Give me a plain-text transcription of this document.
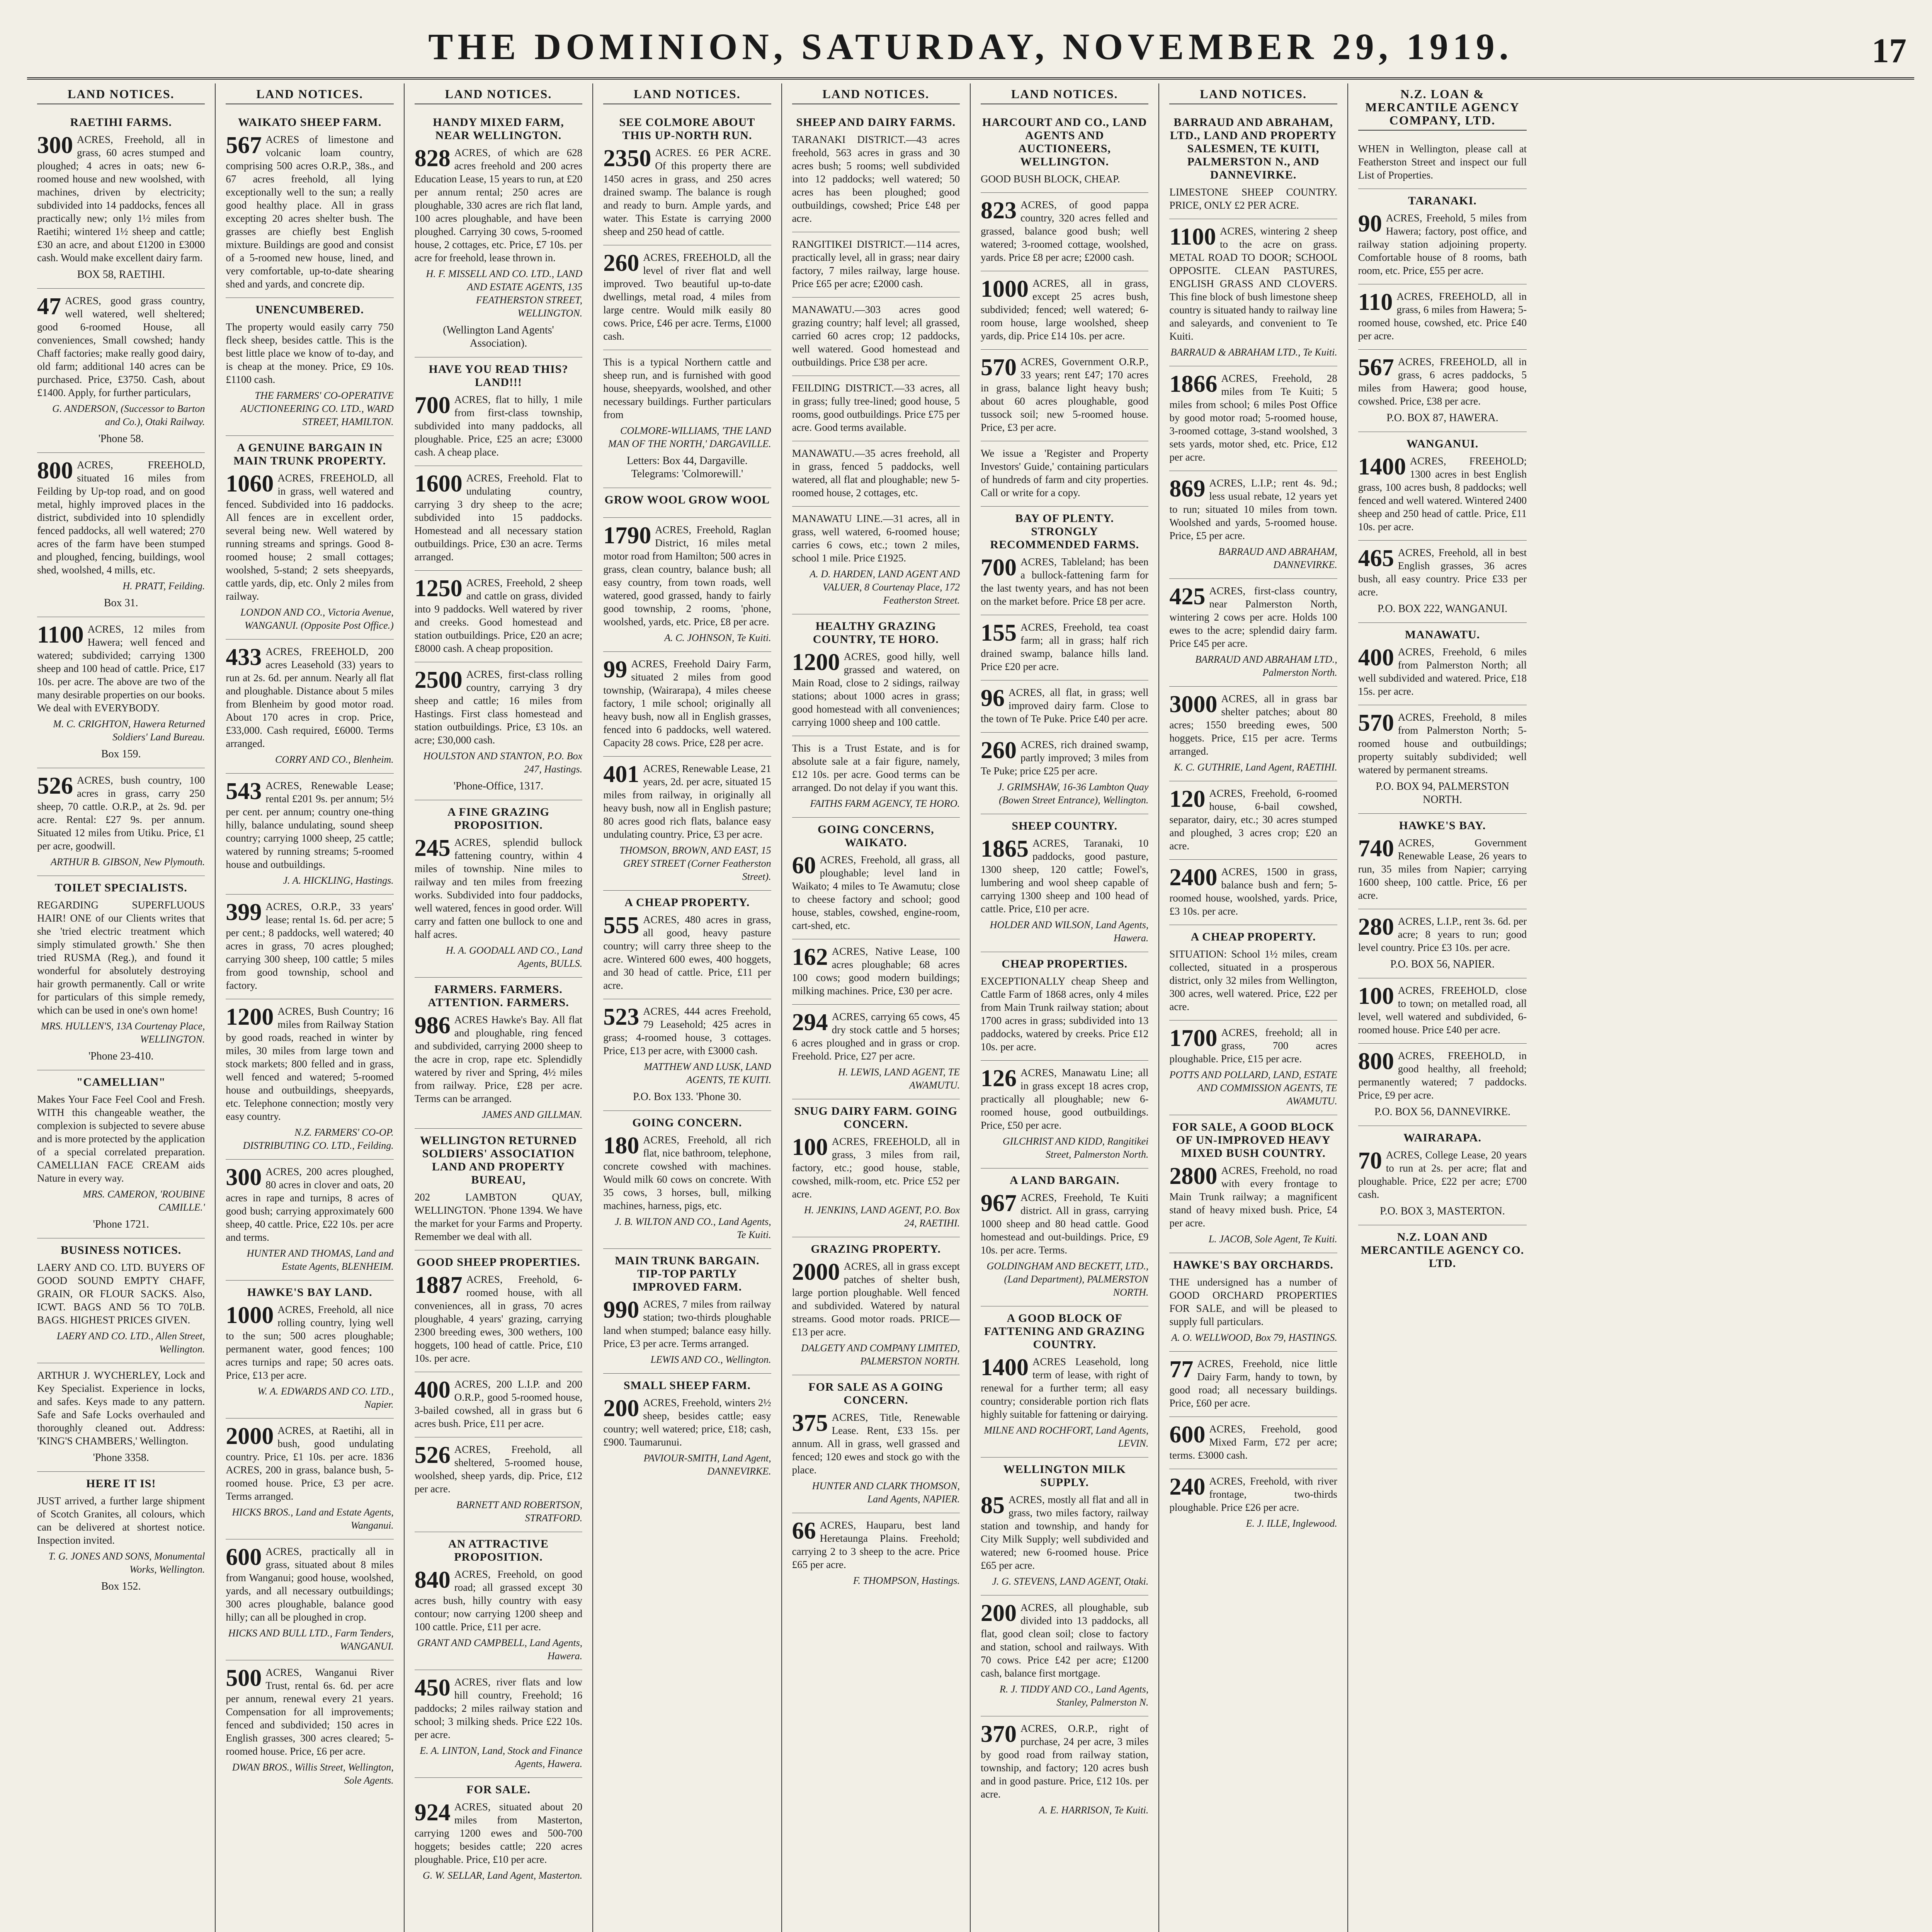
THE DOMINION, SATURDAY, NOVEMBER 29, 1919.	17
LAND NOTICES.
RAETIHI FARMS.
300 ACRES, Freehold, all in grass, 60 acres stumped and ploughed; 4 acres in oats; new 6-roomed house and new woolshed, with machines, driven by electricity; subdivided into 14 paddocks, fences all practically new; only 1½ miles from Raetihi; wintered 1½ sheep and cattle; £30 an acre, and about £1200 in £3000 cash. Would make excellent dairy farm.
BOX 58, RAETIHI.
47 ACRES, good grass country, well watered, well sheltered; good 6-roomed House, all conveniences, Small cowshed; handy Chaff factories; make really good dairy, old farm; additional 140 acres can be purchased. Price, £3750. Cash, about £1400. Apply, for further particulars,
G. ANDERSON, (Successor to Barton and Co.), Otaki Railway.
'Phone 58.
800 ACRES, FREEHOLD, situated 16 miles from Feilding by Up-top road, and on good metal, highly improved places in the district, subdivided into 10 splendidly fenced paddocks, all well watered; 270 acres of the farm have been stumped and ploughed, fencing, buildings, wool shed, woolshed, 4 mills, etc.
H. PRATT, Feilding.
Box 31.
1100 ACRES, 12 miles from Hawera; well fenced and watered; subdivided; carrying 1300 sheep and 100 head of cattle. Price, £17 10s. per acre. The above are two of the many desirable properties on our books. We deal with EVERYBODY.
M. C. CRIGHTON, Hawera Returned Soldiers' Land Bureau.
Box 159.
526 ACRES, bush country, 100 acres in grass, carry 250 sheep, 70 cattle. O.R.P., at 2s. 9d. per acre. Rental: £27 9s. per annum. Situated 12 miles from Utiku. Price, £1 per acre, goodwill.
ARTHUR B. GIBSON, New Plymouth.
TOILET SPECIALISTS.
REGARDING SUPERFLUOUS HAIR! ONE of our Clients writes that she 'tried electric treatment which simply stimulated growth.' She then tried RUSMA (Reg.), and found it wonderful for absolutely destroying hair growth permanently. Call or write for particulars of this simple remedy, which can be used in one's own home!
MRS. HULLEN'S, 13A Courtenay Place, WELLINGTON.
'Phone 23-410.
"CAMELLIAN"
Makes Your Face Feel Cool and Fresh. WITH this changeable weather, the complexion is subjected to severe abuse and is more protected by the application of a special correlated preparation. CAMELLIAN FACE CREAM aids Nature in every way.
MRS. CAMERON, 'ROUBINE CAMILLE.'
'Phone 1721.
BUSINESS NOTICES.
LAERY AND CO. LTD. BUYERS OF GOOD SOUND EMPTY CHAFF, GRAIN, OR FLOUR SACKS. Also, ICWT. BAGS AND 56 TO 70LB. BAGS. HIGHEST PRICES GIVEN.
LAERY AND CO. LTD., Allen Street, Wellington.
ARTHUR J. WYCHERLEY, Lock and Key Specialist. Experience in locks, and safes. Keys made to any pattern. Safe and Safe Locks overhauled and thoroughly cleaned out. Address: 'KING'S CHAMBERS,' Wellington.
'Phone 3358.
HERE IT IS!
JUST arrived, a further large shipment of Scotch Granites, all colours, which can be delivered at shortest notice. Inspection invited.
T. G. JONES AND SONS, Monumental Works, Wellington.
Box 152.
LAND NOTICES.
WAIKATO SHEEP FARM.
567 ACRES of limestone and volcanic loam country, comprising 500 acres O.R.P., 38s., and 67 acres freehold, all lying exceptionally well to the sun; a really good healthy place. All in grass excepting 20 acres shelter bush. The grasses are chiefly best English mixture. Buildings are good and consist of a 5-roomed new house, lined, and very comfortable, up-to-date shearing shed and yards, and concrete dip.
UNENCUMBERED.
The property would easily carry 750 fleck sheep, besides cattle. This is the best little place we know of to-day, and is cheap at the money. Price, £9 10s. £1100 cash.
THE FARMERS' CO-OPERATIVE AUCTIONEERING CO. LTD., WARD STREET, HAMILTON.
A GENUINE BARGAIN IN MAIN TRUNK PROPERTY.
1060 ACRES, FREEHOLD, all in grass, well watered and fenced. Subdivided into 16 paddocks. All fences are in excellent order, several being new. Well watered by running streams and springs. Good 8-roomed house; 2 small cottages; woolshed, 5-stand; 2 sets sheepyards, cattle yards, dip, etc. Only 2 miles from railway.
LONDON AND CO., Victoria Avenue, WANGANUI. (Opposite Post Office.)
433 ACRES, FREEHOLD, 200 acres Leasehold (33) years to run at 2s. 6d. per annum. Nearly all flat and ploughable. Distance about 5 miles from Blenheim by good motor road. About 170 acres in crop. Price, £33,000. Cash required, £6000. Terms arranged.
CORRY AND CO., Blenheim.
543 ACRES, Renewable Lease; rental £201 9s. per annum; 5½ per cent. per annum; country one-thing hilly, balance undulating, sound sheep country; carrying 1000 sheep, 25 cattle; watered by running streams; 5-roomed house and outbuildings.
J. A. HICKLING, Hastings.
399 ACRES, O.R.P., 33 years' lease; rental 1s. 6d. per acre; 5 per cent.; 8 paddocks, well watered; 40 acres in grass, 70 acres ploughed; carrying 300 sheep, 100 cattle; 5 miles from good township, school and factory.
1200 ACRES, Bush Country; 16 miles from Railway Station by good roads, reached in winter by miles, 30 miles from large town and stock markets; 800 felled and in grass, well fenced and watered; 5-roomed house and outbuildings, sheepyards, etc. Telephone connection; mostly very easy country.
N.Z. FARMERS' CO-OP. DISTRIBUTING CO. LTD., Feilding.
300 ACRES, 200 acres ploughed, 80 acres in clover and oats, 20 acres in rape and turnips, 8 acres of good bush; carrying approximately 600 sheep, 40 cattle. Price, £22 10s. per acre and terms.
HUNTER AND THOMAS, Land and Estate Agents, BLENHEIM.
HAWKE'S BAY LAND.
1000 ACRES, Freehold, all nice rolling country, lying well to the sun; 500 acres ploughable; permanent water, good fences; 100 acres turnips and rape; 50 acres oats. Price, £13 per acre.
W. A. EDWARDS AND CO. LTD., Napier.
2000 ACRES, at Raetihi, all in bush, good undulating country. Price, £1 10s. per acre. 1836 ACRES, 200 in grass, balance bush, 5-roomed house. Price, £3 per acre. Terms arranged.
HICKS BROS., Land and Estate Agents, Wanganui.
600 ACRES, practically all in grass, situated about 8 miles from Wanganui; good house, woolshed, yards, and all necessary outbuildings; 300 acres ploughable, balance good hilly; can all be ploughed in crop.
HICKS AND BULL LTD., Farm Tenders, WANGANUI.
500 ACRES, Wanganui River Trust, rental 6s. 6d. per acre per annum, renewal every 21 years. Compensation for all improvements; fenced and subdivided; 150 acres in English grasses, 300 acres cleared; 5-roomed house. Price, £6 per acre.
DWAN BROS., Willis Street, Wellington, Sole Agents.
LAND NOTICES.
HANDY MIXED FARM, NEAR WELLINGTON.
828 ACRES, of which are 628 acres freehold and 200 acres Education Lease, 15 years to run, at £20 per annum rental; 250 acres are ploughable, 330 acres are rich flat land, 100 acres ploughable, and have been ploughed. Carrying 30 cows, 5-roomed house, 2 cottages, etc. Price, £7 10s. per acre for freehold, lease thrown in.
H. F. MISSELL AND CO. LTD., LAND AND ESTATE AGENTS, 135 FEATHERSTON STREET, WELLINGTON.
(Wellington Land Agents' Association).
HAVE YOU READ THIS? LAND!!!
700 ACRES, flat to hilly, 1 mile from first-class township, subdivided into many paddocks, all ploughable. Price, £25 an acre; £3000 cash. A cheap place.
1600 ACRES, Freehold. Flat to undulating country, carrying 3 dry sheep to the acre; subdivided into 15 paddocks. Homestead and all necessary station outbuildings. Price, £30 an acre. Terms arranged.
1250 ACRES, Freehold, 2 sheep and cattle on grass, divided into 9 paddocks. Well watered by river and creeks. Good homestead and station outbuildings. Price, £20 an acre; £8000 cash. A cheap proposition.
2500 ACRES, first-class rolling country, carrying 3 dry sheep and cattle; 16 miles from Hastings. First class homestead and station outbuildings. Price, £3 10s. an acre; £30,000 cash.
HOULSTON AND STANTON, P.O. Box 247, Hastings.
'Phone-Office, 1317.
A FINE GRAZING PROPOSITION.
245 ACRES, splendid bullock fattening country, within 4 miles of township. Nine miles to railway and ten miles from freezing works. Subdivided into four paddocks, well watered, fences in good order. Will carry and fatten one bullock to one and half acres.
H. A. GOODALL AND CO., Land Agents, BULLS.
FARMERS. FARMERS. ATTENTION. FARMERS.
986 ACRES Hawke's Bay. All flat and ploughable, ring fenced and subdivided, carrying 2000 sheep to the acre in crop, rape etc. Splendidly watered by river and Spring, 4½ miles from railway. Price, £28 per acre. Terms can be arranged.
JAMES AND GILLMAN.
WELLINGTON RETURNED SOLDIERS' ASSOCIATION LAND AND PROPERTY BUREAU,
202 LAMBTON QUAY, WELLINGTON. 'Phone 1394. We have the market for your Farms and Property. Remember we deal with all.
GOOD SHEEP PROPERTIES.
1887 ACRES, Freehold, 6-roomed house, with all conveniences, all in grass, 70 acres ploughable, 4 years' grazing, carrying 2300 breeding ewes, 300 wethers, 100 hoggets, 100 head of cattle. Price, £10 10s. per acre.
400 ACRES, 200 L.I.P. and 200 O.R.P., good 5-roomed house, 3-bailed cowshed, all in grass but 6 acres bush. Price, £11 per acre.
526 ACRES, Freehold, all sheltered, 5-roomed house, woolshed, sheep yards, dip. Price, £12 per acre.
BARNETT AND ROBERTSON, STRATFORD.
AN ATTRACTIVE PROPOSITION.
840 ACRES, Freehold, on good road; all grassed except 30 acres bush, hilly country with easy contour; now carrying 1200 sheep and 100 cattle. Price, £11 per acre.
GRANT AND CAMPBELL, Land Agents, Hawera.
450 ACRES, river flats and low hill country, Freehold; 16 paddocks; 2 miles railway station and school; 3 milking sheds. Price £22 10s. per acre.
E. A. LINTON, Land, Stock and Finance Agents, Hawera.
FOR SALE.
924 ACRES, situated about 20 miles from Masterton, carrying 1200 ewes and 500-700 hoggets; besides cattle; 220 acres ploughable. Price, £10 per acre.
G. W. SELLAR, Land Agent, Masterton.
LAND NOTICES.
SEE COLMORE ABOUT THIS UP-NORTH RUN.
2350 ACRES. £6 PER ACRE. Of this property there are 1450 acres in grass, and 250 acres drained swamp. The balance is rough and ready to burn. Ample yards, and water. This Estate is carrying 2000 sheep and 250 head of cattle.
260 ACRES, FREEHOLD, all the level of river flat and well improved. Two beautiful up-to-date dwellings, metal road, 4 miles from large centre. Would milk easily 80 cows. Price, £46 per acre. Terms, £1000 cash.
This is a typical Northern cattle and sheep run, and is furnished with good house, sheepyards, woolshed, and other necessary buildings. Further particulars from
COLMORE-WILLIAMS, 'THE LAND MAN OF THE NORTH,' DARGAVILLE.
Letters: Box 44, Dargaville. Telegrams: 'Colmorewill.'
GROW WOOL GROW WOOL
1790 ACRES, Freehold, Raglan District, 16 miles metal motor road from Hamilton; 500 acres in grass, clean country, balance bush; all easy country, from town roads, well watered, good grassed, handy to fairly good township, 2 rooms, 'phone, woolshed, yards, etc. Price, £8 per acre.
A. C. JOHNSON, Te Kuiti.
99 ACRES, Freehold Dairy Farm, situated 2 miles from good township, (Wairarapa), 4 miles cheese factory, 1 mile school; originally all heavy bush, now all in English grasses, fenced into 6 paddocks, well watered. Capacity 28 cows. Price, £28 per acre.
401 ACRES, Renewable Lease, 21 years, 2d. per acre, situated 15 miles from railway, in originally all heavy bush, now all in English pasture; 80 acres good rich flats, balance easy undulating country. Price, £3 per acre.
THOMSON, BROWN, AND EAST, 15 GREY STREET (Corner Featherston Street).
A CHEAP PROPERTY.
555 ACRES, 480 acres in grass, all good, heavy pasture country; will carry three sheep to the acre. Wintered 600 ewes, 400 hoggets, and 30 head of cattle. Price, £11 per acre.
523 ACRES, 444 acres Freehold, 79 Leasehold; 425 acres in grass; 4-roomed house, 3 cottages. Price, £13 per acre, with £3000 cash.
MATTHEW AND LUSK, LAND AGENTS, TE KUITI.
P.O. Box 133. 'Phone 30.
GOING CONCERN.
180 ACRES, Freehold, all rich flat, nice bathroom, telephone, concrete cowshed with machines. Would milk 60 cows on concrete. With 35 cows, 3 horses, bull, milking machines, harness, pigs, etc.
J. B. WILTON AND CO., Land Agents, Te Kuiti.
MAIN TRUNK BARGAIN. TIP-TOP PARTLY IMPROVED FARM.
990 ACRES, 7 miles from railway station; two-thirds ploughable land when stumped; balance easy hilly. Price, £3 per acre. Terms arranged.
LEWIS AND CO., Wellington.
SMALL SHEEP FARM.
200 ACRES, Freehold, winters 2½ sheep, besides cattle; easy country; well watered; price, £18; cash, £900. Taumarunui.
PAVIOUR-SMITH, Land Agent, DANNEVIRKE.
LAND NOTICES.
SHEEP AND DAIRY FARMS.
TARANAKI DISTRICT.—43 acres freehold, 563 acres in grass and 30 acres bush; 5 rooms; well subdivided into 12 paddocks; well watered; 50 acres has been ploughed; good outbuildings, cowshed; Price £48 per acre.
RANGITIKEI DISTRICT.—114 acres, practically level, all in grass; near dairy factory, 7 miles railway, large house. Price £65 per acre; £2000 cash.
MANAWATU.—303 acres good grazing country; half level; all grassed, carried 60 acres crop; 12 paddocks, well watered. Good homestead and outbuildings. Price £38 per acre.
FEILDING DISTRICT.—33 acres, all in grass; fully tree-lined; good house, 5 rooms, good outbuildings. Price £75 per acre. Good terms available.
MANAWATU.—35 acres freehold, all in grass, fenced 5 paddocks, well watered, all flat and ploughable; new 5-roomed house, 2 cottages, etc.
MANAWATU LINE.—31 acres, all in grass, well watered, 6-roomed house; carries 6 cows, etc.; town 2 miles, school 1 mile. Price £1925.
A. D. HARDEN, LAND AGENT AND VALUER, 8 Courtenay Place, 172 Featherston Street.
HEALTHY GRAZING COUNTRY, TE HORO.
1200 ACRES, good hilly, well grassed and watered, on Main Road, close to 2 sidings, railway stations; about 1000 acres in grass; good homestead with all conveniences; carrying 1000 sheep and 100 cattle.
This is a Trust Estate, and is for absolute sale at a fair figure, namely, £12 10s. per acre. Good terms can be arranged. Do not delay if you want this.
FAITHS FARM AGENCY, TE HORO.
GOING CONCERNS, WAIKATO.
60 ACRES, Freehold, all grass, all ploughable; level land in Waikato; 4 miles to Te Awamutu; close to cheese factory and school; good house, stables, cowshed, engine-room, cart-shed, etc.
162 ACRES, Native Lease, 100 acres ploughable; 68 acres 100 cows; good modern buildings; milking machines. Price, £30 per acre.
294 ACRES, carrying 65 cows, 45 dry stock cattle and 5 horses; 6 acres ploughed and in grass or crop. Freehold. Price, £27 per acre.
H. LEWIS, LAND AGENT, TE AWAMUTU.
SNUG DAIRY FARM. GOING CONCERN.
100 ACRES, FREEHOLD, all in grass, 3 miles from rail, factory, etc.; good house, stable, cowshed, milk-room, etc. Price £52 per acre.
H. JENKINS, LAND AGENT, P.O. Box 24, RAETIHI.
GRAZING PROPERTY.
2000 ACRES, all in grass except patches of shelter bush, large portion ploughable. Well fenced and subdivided. Watered by natural streams. Good motor roads. PRICE—£13 per acre.
DALGETY AND COMPANY LIMITED, PALMERSTON NORTH.
FOR SALE AS A GOING CONCERN.
375 ACRES, Title, Renewable Lease. Rent, £33 15s. per annum. All in grass, well grassed and fenced; 120 ewes and stock go with the place.
HUNTER AND CLARK THOMSON, Land Agents, NAPIER.
66 ACRES, Hauparu, best land Heretaunga Plains. Freehold; carrying 2 to 3 sheep to the acre. Price £65 per acre.
F. THOMPSON, Hastings.
LAND NOTICES.
HARCOURT AND CO., LAND AGENTS AND AUCTIONEERS, WELLINGTON.
GOOD BUSH BLOCK, CHEAP.
823 ACRES, of good pappa country, 320 acres felled and grassed, balance good bush; well watered; 3-roomed cottage, woolshed, yards. Price £8 per acre; £2000 cash.
1000 ACRES, all in grass, except 25 acres bush, subdivided; fenced; well watered; 6-room house, large woolshed, sheep yards, dip. Price £14 10s. per acre.
570 ACRES, Government O.R.P., 33 years; rent £47; 170 acres in grass, balance light heavy bush; about 60 acres ploughable, good tussock soil; new 5-roomed house. Price, £3 per acre.
We issue a 'Register and Property Investors' Guide,' containing particulars of hundreds of farm and city properties. Call or write for a copy.
BAY OF PLENTY. STRONGLY RECOMMENDED FARMS.
700 ACRES, Tableland; has been a bullock-fattening farm for the last twenty years, and has not been on the market before. Price £8 per acre.
155 ACRES, Freehold, tea coast farm; all in grass; half rich drained swamp, balance hills land. Price £20 per acre.
96 ACRES, all flat, in grass; well improved dairy farm. Close to the town of Te Puke. Price £40 per acre.
260 ACRES, rich drained swamp, partly improved; 3 miles from Te Puke; price £25 per acre.
J. GRIMSHAW, 16-36 Lambton Quay (Bowen Street Entrance), Wellington.
SHEEP COUNTRY.
1865 ACRES, Taranaki, 10 paddocks, good pasture, 1300 sheep, 120 cattle; Fowel's, lumbering and wool sheep capable of carrying 1300 sheep and 100 head of cattle. Price, £10 per acre.
HOLDER AND WILSON, Land Agents, Hawera.
CHEAP PROPERTIES.
EXCEPTIONALLY cheap Sheep and Cattle Farm of 1868 acres, only 4 miles from Main Trunk railway station; about 1700 acres in grass; subdivided into 13 paddocks, watered by creeks. Price £12 10s. per acre.
126 ACRES, Manawatu Line; all in grass except 18 acres crop, practically all ploughable; new 6-roomed house, good outbuildings. Price, £50 per acre.
GILCHRIST AND KIDD, Rangitikei Street, Palmerston North.
A LAND BARGAIN.
967 ACRES, Freehold, Te Kuiti district. All in grass, carrying 1000 sheep and 80 head cattle. Good homestead and out-buildings. Price, £9 10s. per acre. Terms.
GOLDINGHAM AND BECKETT, LTD., (Land Department), PALMERSTON NORTH.
A GOOD BLOCK OF FATTENING AND GRAZING COUNTRY.
1400 ACRES Leasehold, long term of lease, with right of renewal for a further term; all easy country; considerable portion rich flats highly suitable for fattening or dairying.
MILNE AND ROCHFORT, Land Agents, LEVIN.
WELLINGTON MILK SUPPLY.
85 ACRES, mostly all flat and all in grass, two miles factory, railway station and township, and handy for City Milk Supply; well subdivided and watered; new 6-roomed house. Price £65 per acre.
J. G. STEVENS, LAND AGENT, Otaki.
200 ACRES, all ploughable, sub divided into 13 paddocks, all flat, good clean soil; close to factory and station, school and railways. With 70 cows. Price £42 per acre; £1200 cash, balance first mortgage.
R. J. TIDDY AND CO., Land Agents, Stanley, Palmerston N.
370 ACRES, O.R.P., right of purchase, 24 per acre, 3 miles by good road from railway station, township, and factory; 120 acres bush and in good pasture. Price, £12 10s. per acre.
A. E. HARRISON, Te Kuiti.
LAND NOTICES.
BARRAUD AND ABRAHAM, LTD., LAND AND PROPERTY SALESMEN, TE KUITI, PALMERSTON N., AND DANNEVIRKE.
LIMESTONE SHEEP COUNTRY. PRICE, ONLY £2 PER ACRE.
1100 ACRES, wintering 2 sheep to the acre on grass. METAL ROAD TO DOOR; SCHOOL OPPOSITE. CLEAN PASTURES, ENGLISH GRASS AND CLOVERS. This fine block of bush limestone sheep country is situated handy to railway line and saleyards, and convenient to Te Kuiti.
BARRAUD & ABRAHAM LTD., Te Kuiti.
1866 ACRES, Freehold, 28 miles from Te Kuiti; 5 miles from school; 6 miles Post Office by good motor road; 5-roomed house, 3-roomed cottage, 3-stand woolshed, 3 sets yards, motor shed, etc. Price, £12 per acre.
869 ACRES, L.I.P.; rent 4s. 9d.; less usual rebate, 12 years yet to run; situated 10 miles from town. Woolshed and yards, 5-roomed house. Price, £5 per acre.
BARRAUD AND ABRAHAM, DANNEVIRKE.
425 ACRES, first-class country, near Palmerston North, wintering 2 cows per acre. Holds 100 ewes to the acre; splendid dairy farm. Price £45 per acre.
BARRAUD AND ABRAHAM LTD., Palmerston North.
3000 ACRES, all in grass bar shelter patches; about 80 acres; 1550 breeding ewes, 500 hoggets. Price, £15 per acre. Terms arranged.
K. C. GUTHRIE, Land Agent, RAETIHI.
120 ACRES, Freehold, 6-roomed house, 6-bail cowshed, separator, dairy, etc.; 30 acres stumped and ploughed, 3 acres crop; £20 an acre.
2400 ACRES, 1500 in grass, balance bush and fern; 5-roomed house, woolshed, yards. Price, £3 10s. per acre.
A CHEAP PROPERTY.
SITUATION: School 1½ miles, cream collected, situated in a prosperous district, only 32 miles from Wellington, 300 acres, well watered. Price, £22 per acre.
1700 ACRES, freehold; all in grass, 700 acres ploughable. Price, £15 per acre.
POTTS AND POLLARD, LAND, ESTATE AND COMMISSION AGENTS, TE AWAMUTU.
FOR SALE, A GOOD BLOCK OF UN-IMPROVED HEAVY MIXED BUSH COUNTRY.
2800 ACRES, Freehold, no road with every frontage to Main Trunk railway; a magnificent stand of heavy mixed bush. Price, £4 per acre.
L. JACOB, Sole Agent, Te Kuiti.
HAWKE'S BAY ORCHARDS.
THE undersigned has a number of GOOD ORCHARD PROPERTIES FOR SALE, and will be pleased to supply full particulars.
A. O. WELLWOOD, Box 79, HASTINGS.
77 ACRES, Freehold, nice little Dairy Farm, handy to town, by good road; all necessary buildings. Price, £60 per acre.
600 ACRES, Freehold, good Mixed Farm, £72 per acre; terms. £3000 cash.
240 ACRES, Freehold, with river frontage, two-thirds ploughable. Price £26 per acre.
E. J. ILLE, Inglewood.
N.Z. LOAN & MERCANTILE AGENCY COMPANY, LTD.
WHEN in Wellington, please call at Featherston Street and inspect our full List of Properties.
TARANAKI.
90 ACRES, Freehold, 5 miles from Hawera; factory, post office, and railway station adjoining property. Comfortable house of 8 rooms, bath room, etc. Price, £55 per acre.
110 ACRES, FREEHOLD, all in grass, 6 miles from Hawera; 5-roomed house, cowshed, etc. Price £40 per acre.
567 ACRES, FREEHOLD, all in grass, 6 acres paddocks, 5 miles from Hawera; good house, cowshed. Price, £38 per acre.
P.O. BOX 87, HAWERA.
WANGANUI.
1400 ACRES, FREEHOLD; 1300 acres in best English grass, 100 acres bush, 8 paddocks; well fenced and well watered. Wintered 2400 sheep and 250 head of cattle. Price, £11 10s. per acre.
465 ACRES, Freehold, all in best English grasses, 36 acres bush, all easy country. Price £33 per acre.
P.O. BOX 222, WANGANUI.
MANAWATU.
400 ACRES, Freehold, 6 miles from Palmerston North; all well subdivided and watered. Price, £18 15s. per acre.
570 ACRES, Freehold, 8 miles from Palmerston North; 5-roomed house and outbuildings; property suitably subdivided; well watered by permanent streams.
P.O. BOX 94, PALMERSTON NORTH.
HAWKE'S BAY.
740 ACRES, Government Renewable Lease, 26 years to run, 35 miles from Napier; carrying 1600 sheep, 100 cattle. Price, £6 per acre.
280 ACRES, L.I.P., rent 3s. 6d. per acre; 8 years to run; good level country. Price £3 10s. per acre.
P.O. BOX 56, NAPIER.
100 ACRES, FREEHOLD, close to town; on metalled road, all level, well watered and subdivided, 6-roomed house. Price £40 per acre.
800 ACRES, FREEHOLD, in good healthy, all freehold; permanently watered; 7 paddocks. Price, £9 per acre.
P.O. BOX 56, DANNEVIRKE.
WAIRARAPA.
70 ACRES, College Lease, 20 years to run at 2s. per acre; flat and ploughable. Price, £22 per acre; £700 cash.
P.O. BOX 3, MASTERTON.
N.Z. LOAN AND MERCANTILE AGENCY CO. LTD.
